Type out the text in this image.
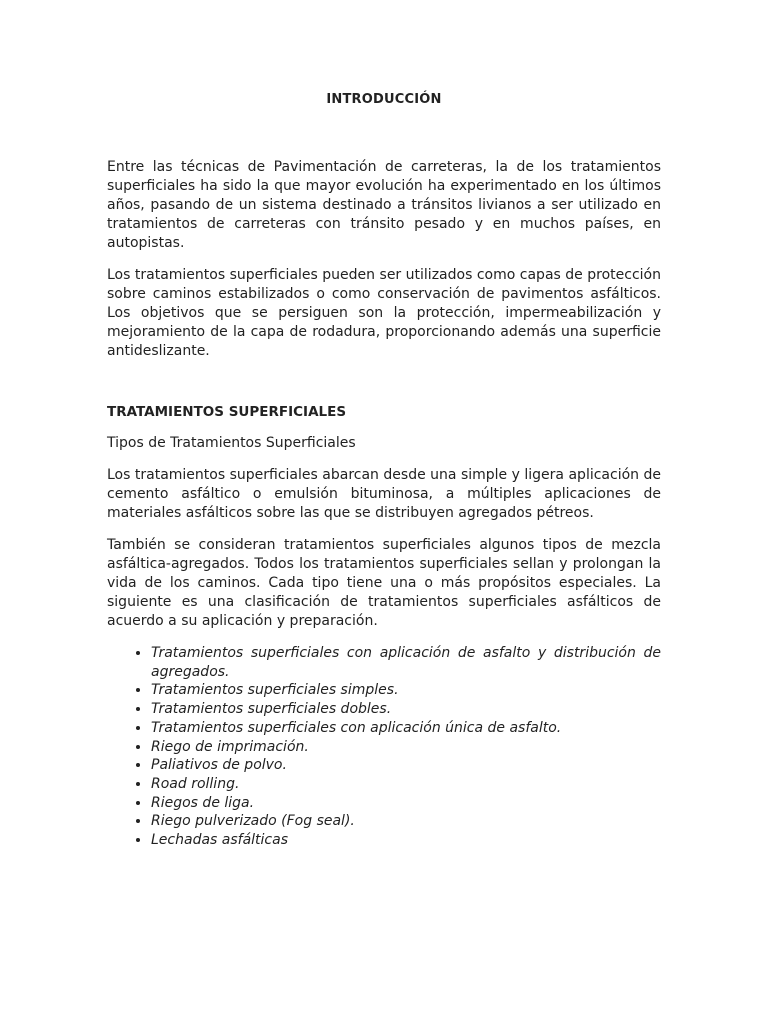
INTRODUCCIÓN

Entre las técnicas de Pavimentación de carreteras, la de los tratamientos superficiales ha sido la que mayor evolución ha experimentado en los últimos años, pasando de un sistema destinado a tránsitos livianos a ser utilizado en tratamientos de carreteras con tránsito pesado y en muchos países, en autopistas.

Los tratamientos superficiales pueden ser utilizados como capas de protección sobre caminos estabilizados o como conservación de pavimentos asfálticos. Los objetivos que se persiguen son la protección, impermeabilización y mejoramiento de la capa de rodadura, proporcionando además una superficie antideslizante.

TRATAMIENTOS SUPERFICIALES

Tipos de Tratamientos Superficiales

Los tratamientos superficiales abarcan desde una simple y ligera aplicación de cemento asfáltico o emulsión bituminosa, a múltiples aplicaciones de materiales asfálticos sobre las que se distribuyen agregados pétreos.

También se consideran tratamientos superficiales algunos tipos de mezcla asfáltica-agregados. Todos los tratamientos superficiales sellan y prolongan la vida de los caminos. Cada tipo tiene una o más propósitos especiales. La siguiente es una clasificación de tratamientos superficiales asfálticos de acuerdo a su aplicación y preparación.

• Tratamientos superficiales con aplicación de asfalto y distribución de agregados.
• Tratamientos superficiales simples.
• Tratamientos superficiales dobles.
• Tratamientos superficiales con aplicación única de asfalto.
• Riego de imprimación.
• Paliativos de polvo.
• Road rolling.
• Riegos de liga.
• Riego pulverizado (Fog seal).
• Lechadas asfálticas
